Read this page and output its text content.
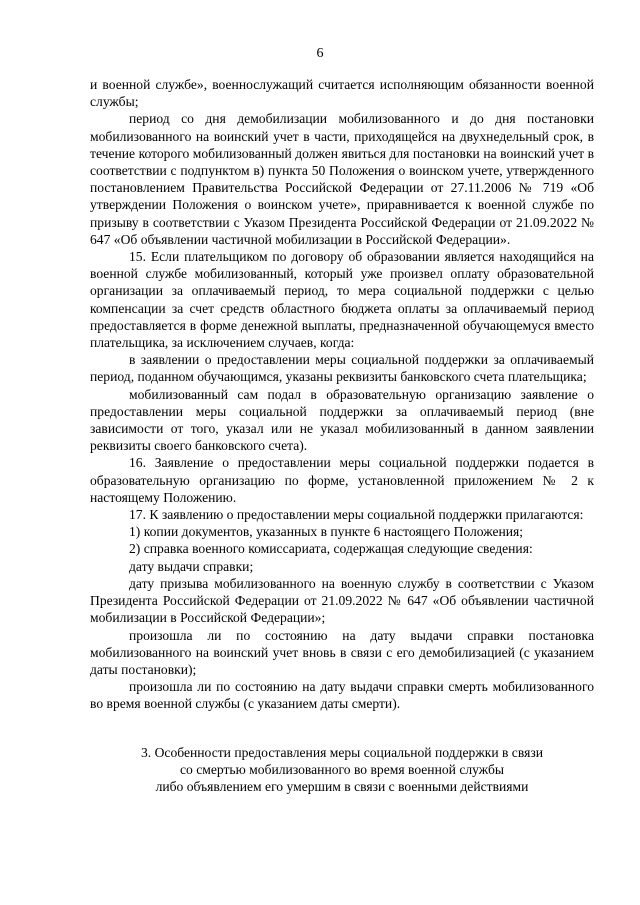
6

и военной службе», военнослужащий считается исполняющим обязанности военной службы;

период со дня демобилизации мобилизованного и до дня постановки мобилизованного на воинский учет в части, приходящейся на двухнедельный срок, в течение которого мобилизованный должен явиться для постановки на воинский учет в соответствии с подпунктом в) пункта 50 Положения о воинском учете, утвержденного постановлением Правительства Российской Федерации от 27.11.2006 № 719 «Об утверждении Положения о воинском учете», приравнивается к военной службе по призыву в соответствии с Указом Президента Российской Федерации от 21.09.2022 № 647 «Об объявлении частичной мобилизации в Российской Федерации».

15. Если плательщиком по договору об образовании является находящийся на военной службе мобилизованный, который уже произвел оплату образовательной организации за оплачиваемый период, то мера социальной поддержки с целью компенсации за счет средств областного бюджета оплаты за оплачиваемый период предоставляется в форме денежной выплаты, предназначенной обучающемуся вместо плательщика, за исключением случаев, когда:

в заявлении о предоставлении меры социальной поддержки за оплачиваемый период, поданном обучающимся, указаны реквизиты банковского счета плательщика;

мобилизованный сам подал в образовательную организацию заявление о предоставлении меры социальной поддержки за оплачиваемый период (вне зависимости от того, указал или не указал мобилизованный в данном заявлении реквизиты своего банковского счета).

16. Заявление о предоставлении меры социальной поддержки подается в образовательную организацию по форме, установленной приложением № 2 к настоящему Положению.

17. К заявлению о предоставлении меры социальной поддержки прилагаются:

1) копии документов, указанных в пункте 6 настоящего Положения;

2) справка военного комиссариата, содержащая следующие сведения:

дату выдачи справки;

дату призыва мобилизованного на военную службу в соответствии с Указом Президента Российской Федерации от 21.09.2022 № 647 «Об объявлении частичной мобилизации в Российской Федерации»;

произошла ли по состоянию на дату выдачи справки постановка мобилизованного на воинский учет вновь в связи с его демобилизацией (с указанием даты постановки);

произошла ли по состоянию на дату выдачи справки смерть мобилизованного во время военной службы (с указанием даты смерти).

3. Особенности предоставления меры социальной поддержки в связи
со смертью мобилизованного во время военной службы
либо объявлением его умершим в связи с военными действиями
